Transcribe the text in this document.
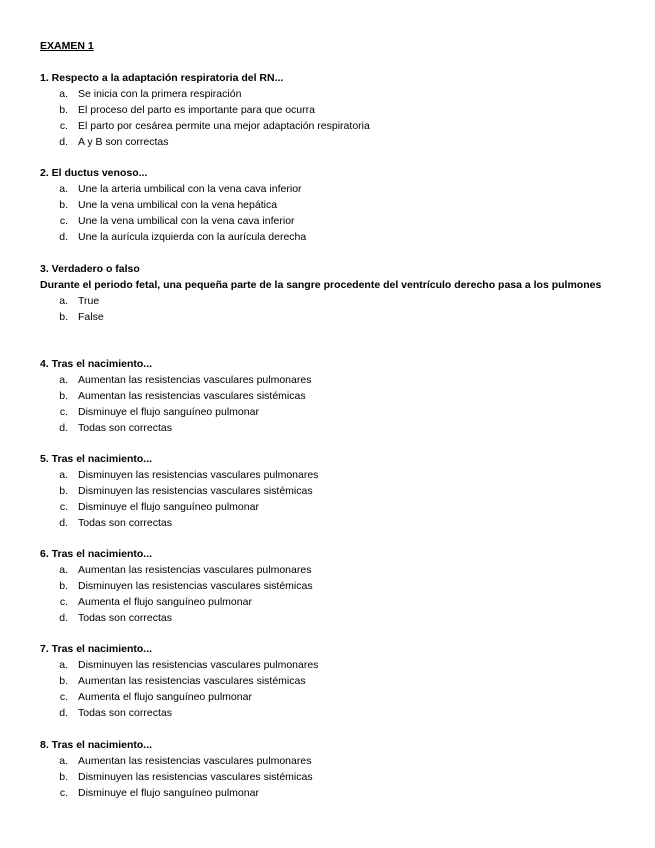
EXAMEN 1
1. Respecto a la adaptación respiratoria del RN...
a. Se inicia con la primera respiración
b. El proceso del parto es importante para que ocurra
c. El parto por cesárea permite una mejor adaptación respiratoria
d. A y B son correctas
2. El ductus venoso...
a. Une la arteria umbilical con la vena cava inferior
b. Une la vena umbilical con la vena hepática
c. Une la vena umbilical con la vena cava inferior
d. Une la aurícula izquierda con la aurícula derecha
3. Verdadero o falso
Durante el periodo fetal, una pequeña parte de la sangre procedente del ventrículo derecho pasa a los pulmones
a. True
b. False
4. Tras el nacimiento...
a. Aumentan las resistencias vasculares pulmonares
b. Aumentan las resistencias vasculares sistémicas
c. Disminuye el flujo sanguíneo pulmonar
d. Todas son correctas
5. Tras el nacimiento...
a. Disminuyen las resistencias vasculares pulmonares
b. Disminuyen las resistencias vasculares sistémicas
c. Disminuye el flujo sanguíneo pulmonar
d. Todas son correctas
6. Tras el nacimiento...
a. Aumentan las resistencias vasculares pulmonares
b. Disminuyen las resistencias vasculares sistémicas
c. Aumenta el flujo sanguíneo pulmonar
d. Todas son correctas
7. Tras el nacimiento...
a. Disminuyen las resistencias vasculares pulmonares
b. Aumentan las resistencias vasculares sistémicas
c. Aumenta el flujo sanguíneo pulmonar
d. Todas son correctas
8. Tras el nacimiento...
a. Aumentan las resistencias vasculares pulmonares
b. Disminuyen las resistencias vasculares sistémicas
c. Disminuye el flujo sanguíneo pulmonar
